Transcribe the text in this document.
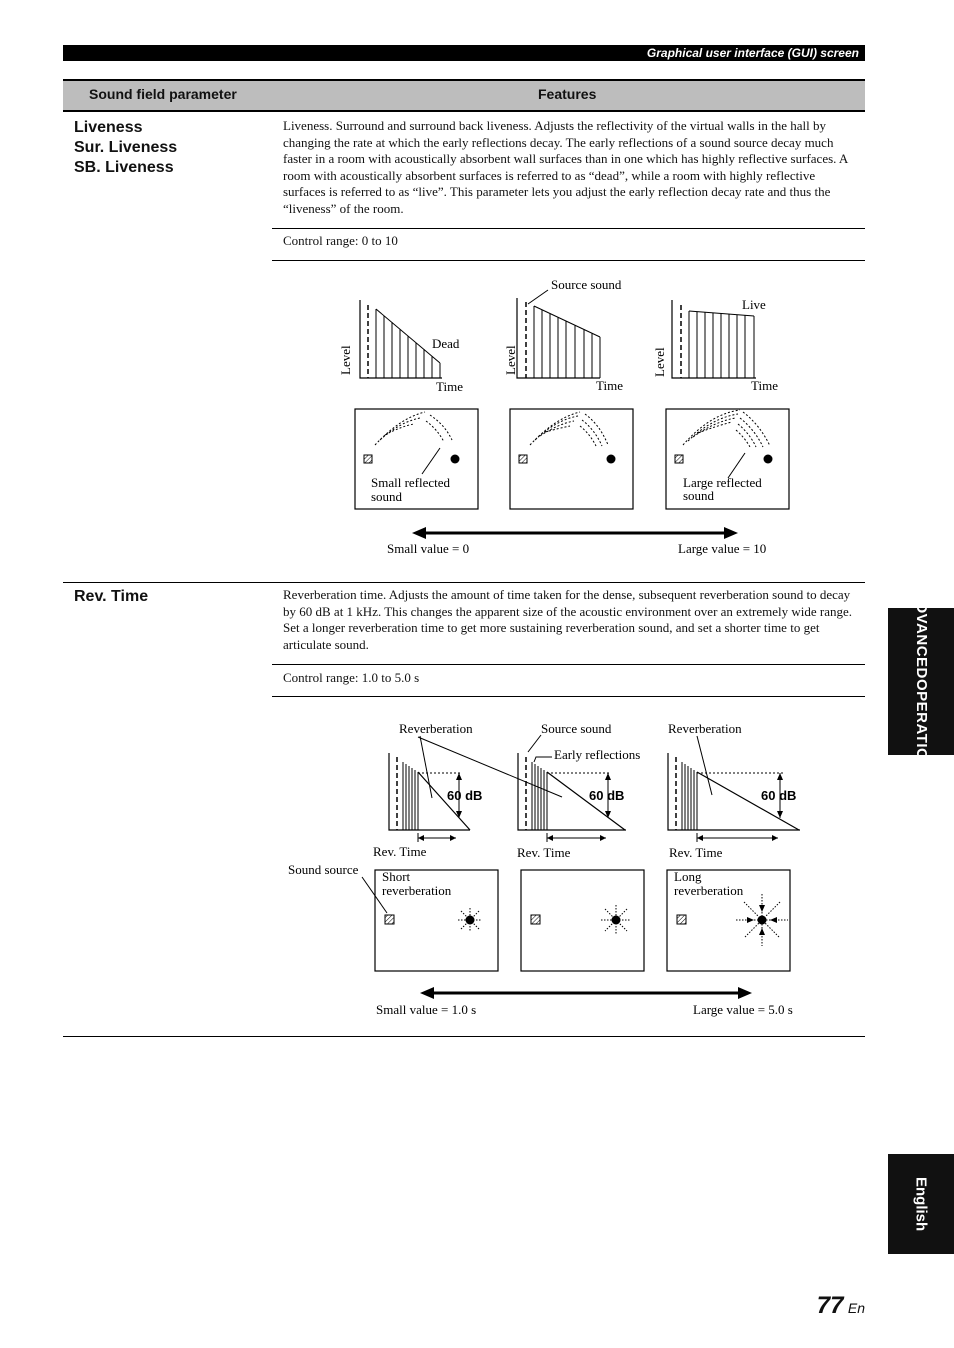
Graphical user interface (GUI) screen
Sound field parameter	Features
Liveness
Sur. Liveness
SB. Liveness
Liveness. Surround and surround back liveness. Adjusts the reflectivity of the virtual walls in the hall by changing the rate at which the early reflections decay. The early reflections of a sound source decay much faster in a room with acoustically absorbent wall surfaces than in one which has highly reflective surfaces. A room with acoustically absorbent surfaces is referred to as “dead”, while a room with highly reflective surfaces is referred to as “live”. This parameter lets you adjust the early reflection decay rate and thus the “liveness” of the room.
Control range: 0 to 10
Level
Time
Dead
Source sound
Level
Time
Live
Level
Time
Small reflected
sound
Large reflected
sound
Small value = 0	Large value = 10
Rev. Time	Reverberation time. Adjusts the amount of time taken for the dense, subsequent reverberation sound to decay by 60 dB at 1 kHz. This changes the apparent size of the acoustic environment over an extremely wide range. Set a longer reverberation time to get more sustaining reverberation sound, and set a shorter time to get articulate sound.
Control range: 1.0 to 5.0 s
Reverberation
60 dB
Rev. Time
Source sound
Early reflections
60 dB
Rev. Time
Reverberation
60 dB
Rev. Time
Sound source Short
reverberation
Long
reverberation
Small value = 1.0 s	Large value = 5.0 s
ADVANCED
OPERATION
English
77 En
